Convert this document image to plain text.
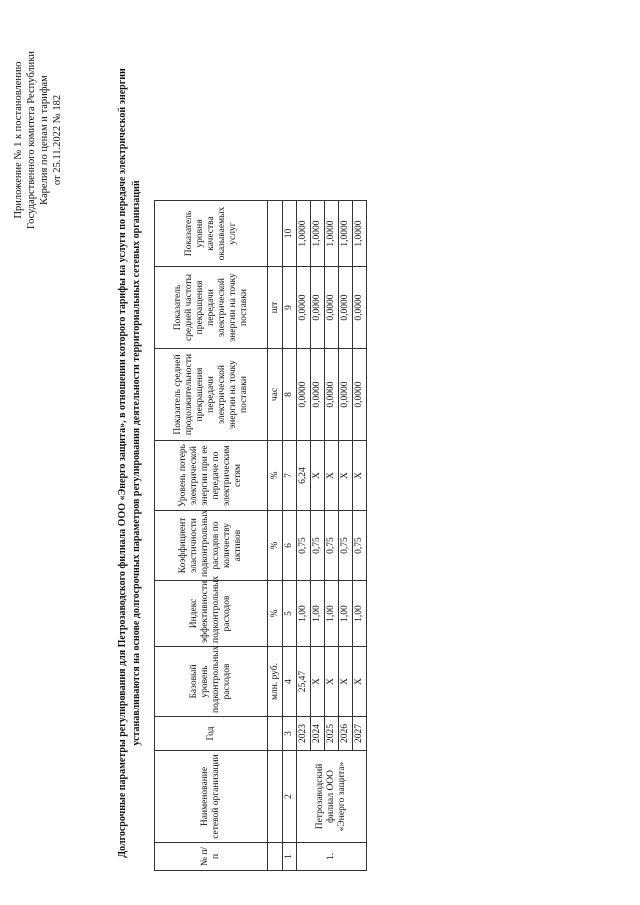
Приложение № 1 к постановлению Государственного комитета Республики Карелия по ценам и тарифам от 25.11.2022 № 182	Долгосрочные параметры регулирования для Петрозаводского филиала ООО «Энерго защита», в отношении которого тарифы на услуги по передаче электрической энергии устанавливаются на основе долгосрочных параметров регулирования деятельности территориальных сетевых организаций
№ п/п	Наименование сетевой организации	Год	Базовый уровень подконтрольных расходов	Индекс эффективности подконтрольных расходов	Коэффициент эластичности подконтрольных расходов по количеству активов	Уровень потерь электрической энергии при ее передаче по электрическим сетям	Показатель средней продолжительности прекращения передачи электрической энергии на точку поставки	Показатель средней частоты прекращения передачи электрической энергии на точку поставки	Показатель уровня качества оказываемых услуг
			млн. руб.	%	%	%	час	шт	
1	2	3	4	5	6	7	8	9	10
1.	Петрозаводский филиал ООО «Энерго защита»	2023	25,47	1,00	0,75	6,24	0,0000	0,0000	1,0000
		2024	X	1,00	0,75	X	0,0000	0,0000	1,0000
		2025	X	1,00	0,75	X	0,0000	0,0000	1,0000
		2026	X	1,00	0,75	X	0,0000	0,0000	1,0000
		2027	X	1,00	0,75	X	0,0000	0,0000	1,0000
